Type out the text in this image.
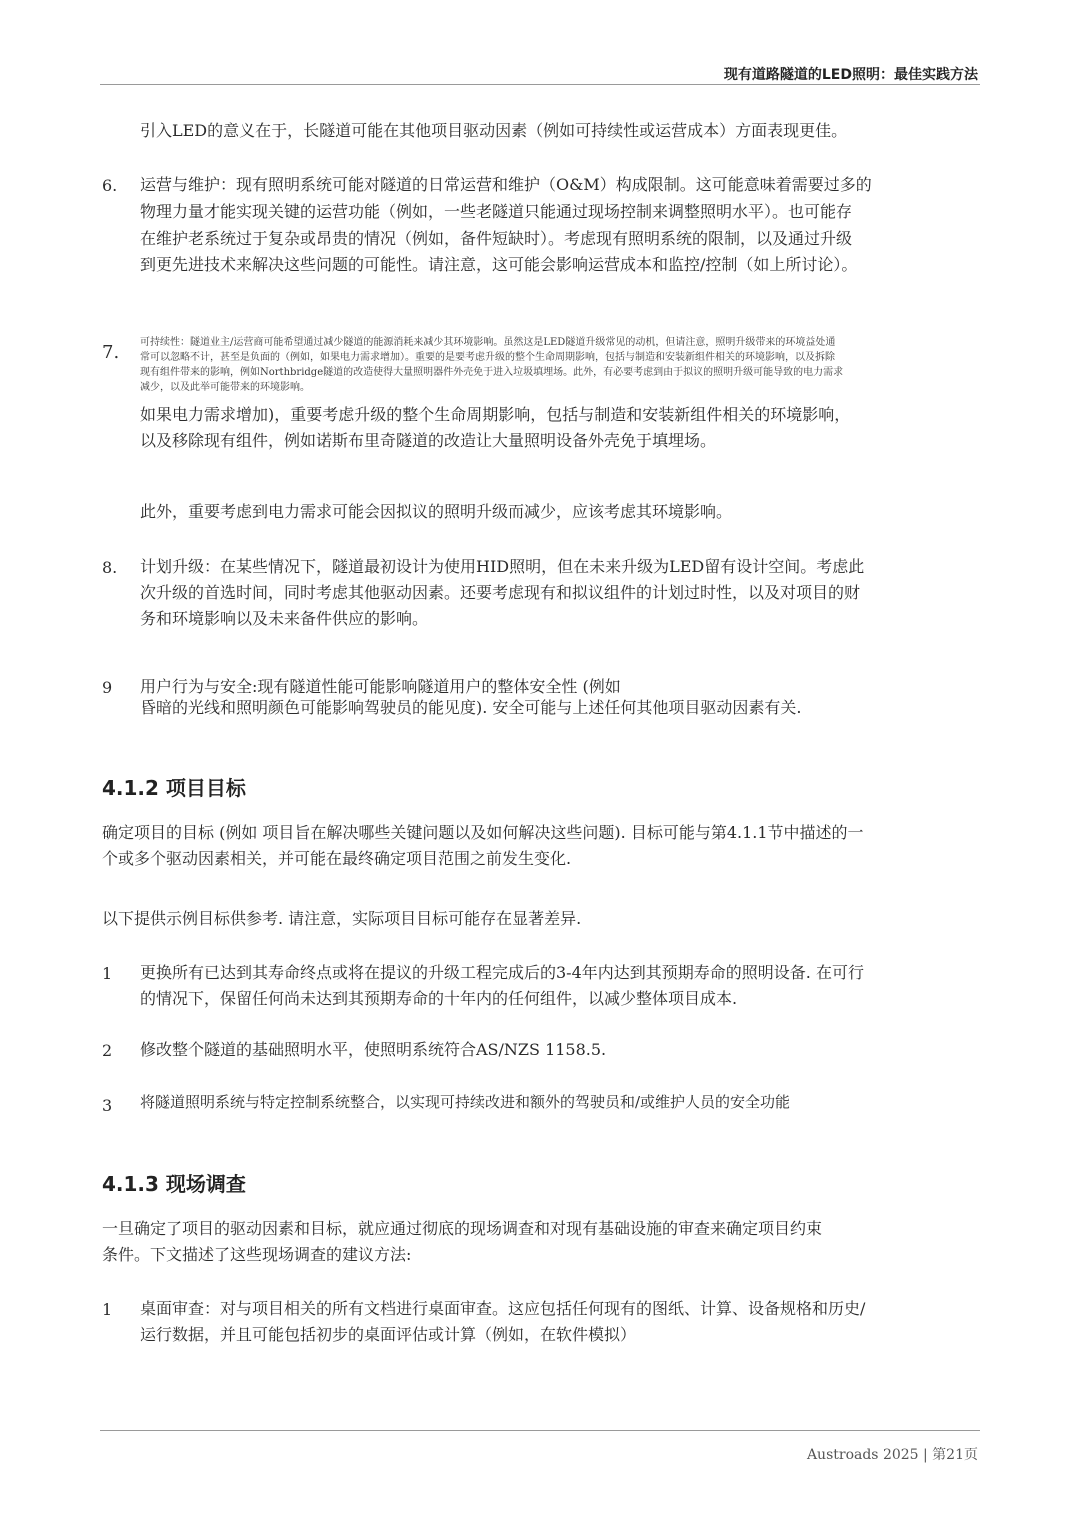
现有道路隧道的LED照明：最佳实践方法
引入LED的意义在于，长隧道可能在其他项目驱动因素（例如可持续性或运营成本）方面表现更佳。
6. 运营与维护：现有照明系统可能对隧道的日常运营和维护（O&M）构成限制。这可能意味着需要过多的
物理力量才能实现关键的运营功能（例如，一些老隧道只能通过现场控制来调整照明水平）。也可能存
在维护老系统过于复杂或昂贵的情况（例如，备件短缺时）。考虑现有照明系统的限制，以及通过升级
到更先进技术来解决这些问题的可能性。请注意，这可能会影响运营成本和监控/控制（如上所讨论）。
7. 可持续性：隧道业主/运营商可能希望通过减少隧道的能源消耗来减少其环境影响。虽然这是LED隧道升级常见的动机，但请注意，照明升级带来的环境益处通
常可以忽略不计，甚至是负面的（例如，如果电力需求增加）。重要的是要考虑升级的整个生命周期影响，包括与制造和安装新组件相关的环境影响，以及拆除
现有组件带来的影响，例如Northbridge隧道的改造使得大量照明器件外壳免于进入垃圾填埋场。此外，有必要考虑到由于拟议的照明升级可能导致的电力需求
减少，以及此举可能带来的环境影响。
如果电力需求增加)，重要考虑升级的整个生命周期影响，包括与制造和安装新组件相关的环境影响，
以及移除现有组件，例如诺斯布里奇隧道的改造让大量照明设备外壳免于填埋场。
此外，重要考虑到电力需求可能会因拟议的照明升级而减少，应该考虑其环境影响。
8. 计划升级：在某些情况下，隧道最初设计为使用HID照明，但在未来升级为LED留有设计空间。考虑此
次升级的首选时间，同时考虑其他驱动因素。还要考虑现有和拟议组件的计划过时性，以及对项目的财
务和环境影响以及未来备件供应的影响。
9 用户行为与安全:现有隧道性能可能影响隧道用户的整体安全性 (例如
昏暗的光线和照明颜色可能影响驾驶员的能见度). 安全可能与上述任何其他项目驱动因素有关.
4.1.2 项目目标
确定项目的目标 (例如 项目旨在解决哪些关键问题以及如何解决这些问题). 目标可能与第4.1.1节中描述的一
个或多个驱动因素相关，并可能在最终确定项目范围之前发生变化.
以下提供示例目标供参考. 请注意，实际项目目标可能存在显著差异.
1 更换所有已达到其寿命终点或将在提议的升级工程完成后的3-4年内达到其预期寿命的照明设备. 在可行
的情况下，保留任何尚未达到其预期寿命的十年内的任何组件，以减少整体项目成本.
2 修改整个隧道的基础照明水平，使照明系统符合AS/NZS 1158.5.
3 将隧道照明系统与特定控制系统整合，以实现可持续改进和额外的驾驶员和/或维护人员的安全功能
4.1.3 现场调查
一旦确定了项目的驱动因素和目标，就应通过彻底的现场调查和对现有基础设施的审查来确定项目约束
条件。下文描述了这些现场调查的建议方法:
1 桌面审查：对与项目相关的所有文档进行桌面审查。这应包括任何现有的图纸、计算、设备规格和历史/
运行数据，并且可能包括初步的桌面评估或计算（例如，在软件模拟）
Austroads 2025 | 第21页
